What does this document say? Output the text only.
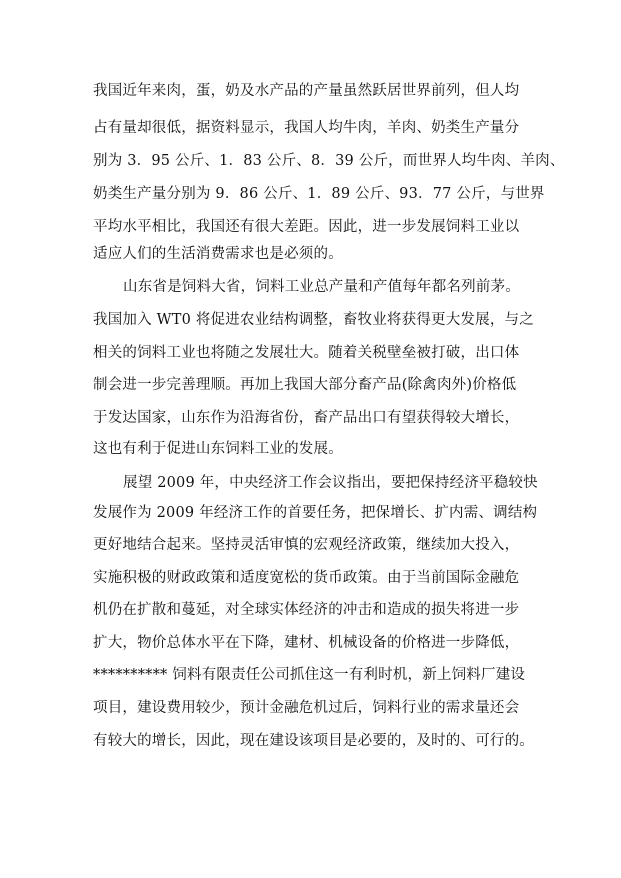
我国近年来肉，蛋，奶及水产品的产量虽然跃居世界前列，但人均
占有量却很低，据资料显示，我国人均牛肉，羊肉、奶类生产量分
别为 3．95 公斤、1．83 公斤、8．39 公斤，而世界人均牛肉、羊肉、
奶类生产量分别为 9．86 公斤、1．89 公斤、93．77 公斤，与世界
平均水平相比，我国还有很大差距。因此，进一步发展饲料工业以
适应人们的生活消费需求也是必须的。
山东省是饲料大省，饲料工业总产量和产值每年都名列前茅。
我国加入 WT0 将促进农业结构调整，畜牧业将获得更大发展，与之
相关的饲料工业也将随之发展壮大。随着关税壁垒被打破，出口体
制会进一步完善理顺。再加上我国大部分畜产品(除禽肉外)价格低
于发达国家，山东作为沿海省份，畜产品出口有望获得较大增长，
这也有利于促进山东饲料工业的发展。
展望 2009 年，中央经济工作会议指出，要把保持经济平稳较快
发展作为 2009 年经济工作的首要任务，把保增长、扩内需、调结构
更好地结合起来。坚持灵活审慎的宏观经济政策，继续加大投入，
实施积极的财政政策和适度宽松的货币政策。由于当前国际金融危
机仍在扩散和蔓延，对全球实体经济的冲击和造成的损失将进一步
扩大，物价总体水平在下降，建材、机械设备的价格进一步降低，
********** 饲料有限责任公司抓住这一有利时机，新上饲料厂建设
项目，建设费用较少，预计金融危机过后，饲料行业的需求量还会
有较大的增长，因此，现在建设该项目是必要的，及时的、可行的。
